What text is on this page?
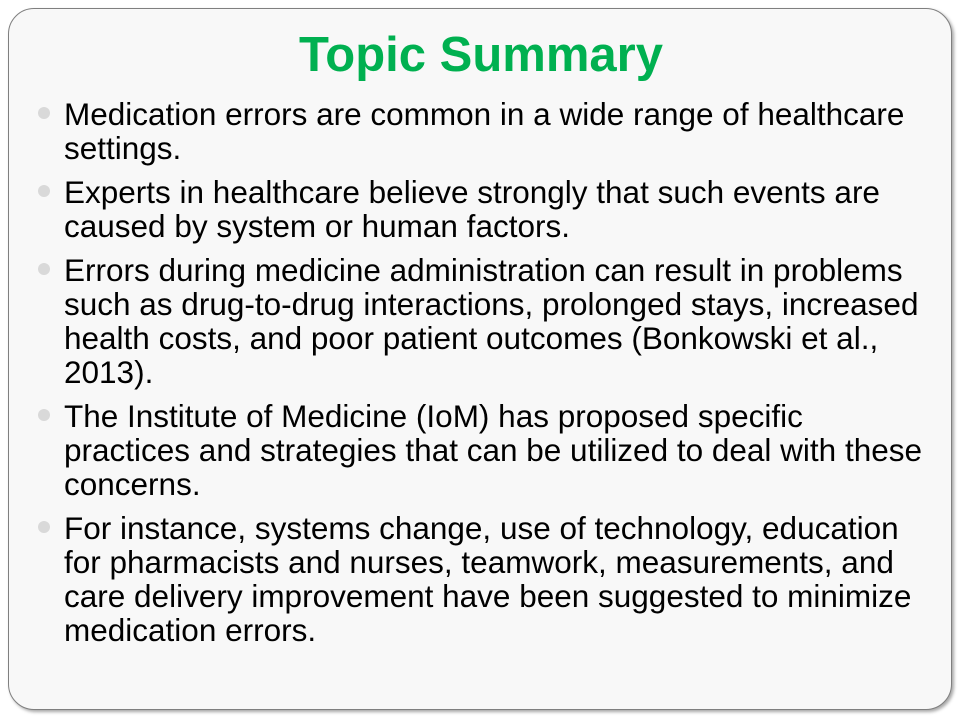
Topic Summary
Medication errors are common in a wide range of healthcare settings.
Experts in healthcare believe strongly that such events are caused by system or human factors.
Errors during medicine administration can result in problems such as drug-to-drug interactions, prolonged stays, increased health costs, and poor patient outcomes (Bonkowski et al., 2013).
The Institute of Medicine (IoM) has proposed specific practices and strategies that can be utilized to deal with these concerns.
For instance, systems change, use of technology, education for pharmacists and nurses, teamwork, measurements, and care delivery improvement have been suggested to minimize medication errors.
